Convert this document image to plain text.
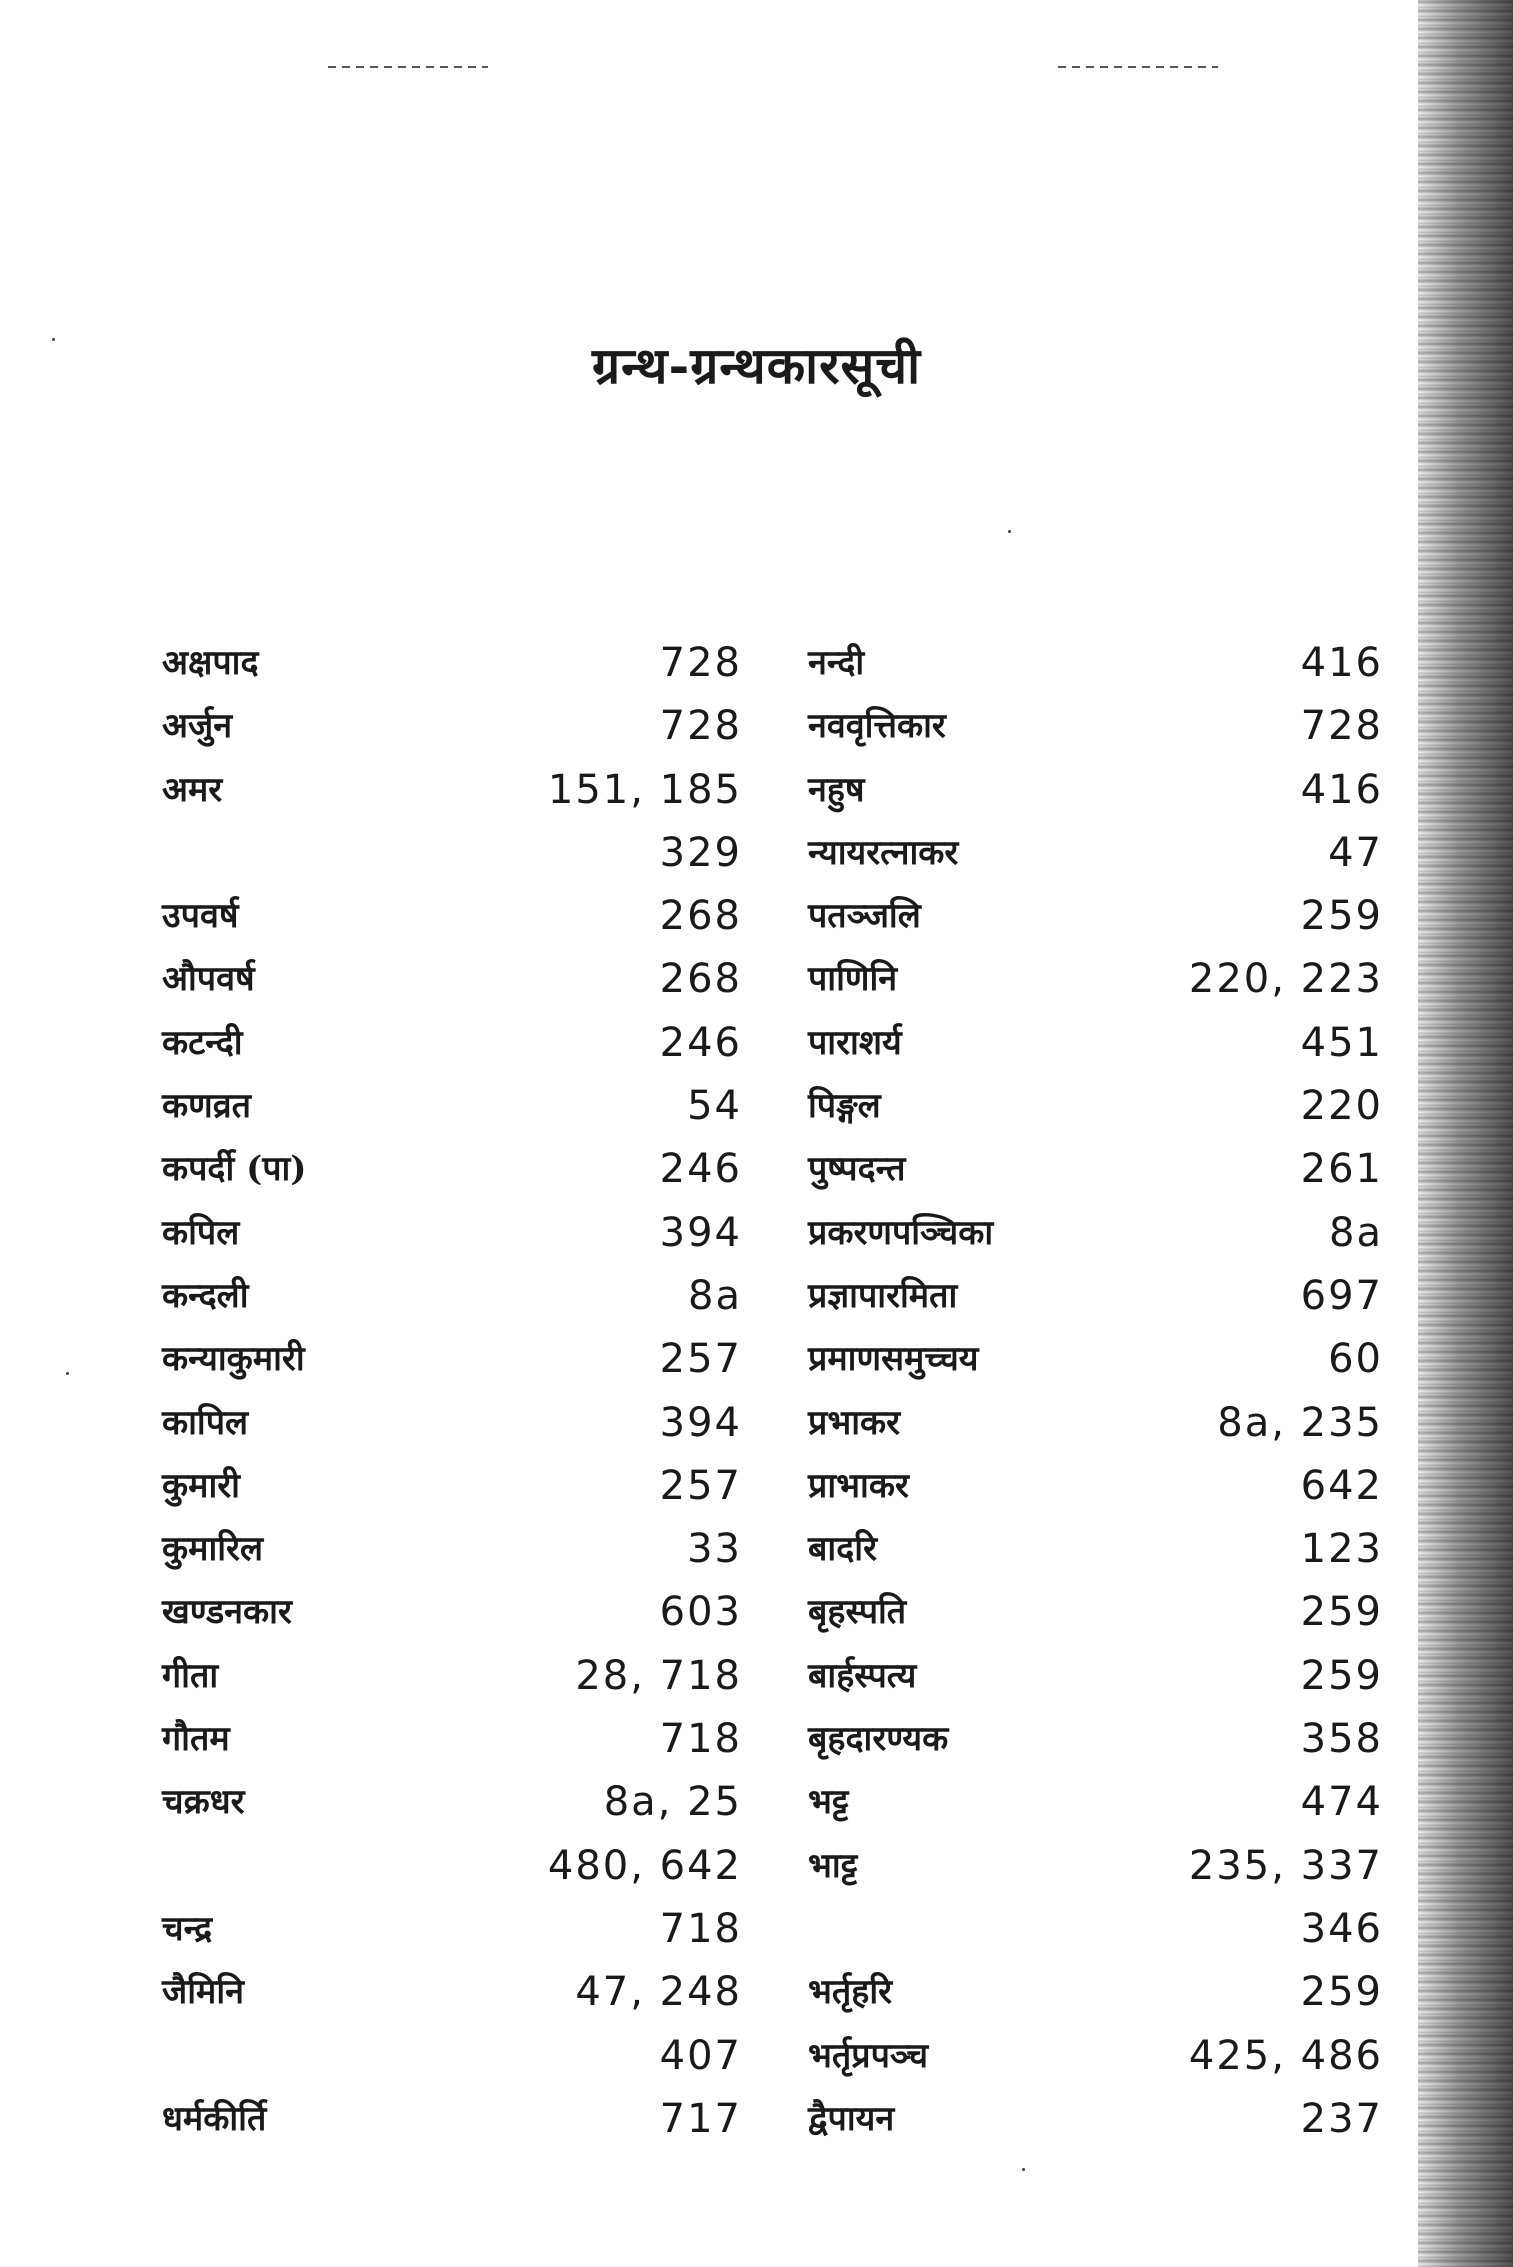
ग्रन्थ-ग्रन्थकारसूची
अक्षपाद	728
अर्जुन	728
अमर	151, 185
329
उपवर्ष	268
औपवर्ष	268
कटन्दी	246
कणव्रत	54
कपर्दी (पा)	246
कपिल	394
कन्दली	8a
कन्याकुमारी	257
कापिल	394
कुमारी	257
कुमारिल	33
खण्डनकार	603
गीता	28, 718
गौतम	718
चक्रधर	8a, 25
480, 642
चन्द्र	718
जैमिनि	47, 248
407
धर्मकीर्ति	717
नन्दी	416
नववृत्तिकार	728
नहुष	416
न्यायरत्नाकर	47
पतञ्जलि	259
पाणिनि	220, 223
पाराशर्य	451
पिङ्गल	220
पुष्पदन्त	261
प्रकरणपञ्चिका	8a
प्रज्ञापारमिता	697
प्रमाणसमुच्चय	60
प्रभाकर	8a, 235
प्राभाकर	642
बादरि	123
बृहस्पति	259
बार्हस्पत्य	259
बृहदारण्यक	358
भट्ट	474
भाट्ट	235, 337
346
भर्तृहरि	259
भर्तृप्रपञ्च	425, 486
द्वैपायन	237
